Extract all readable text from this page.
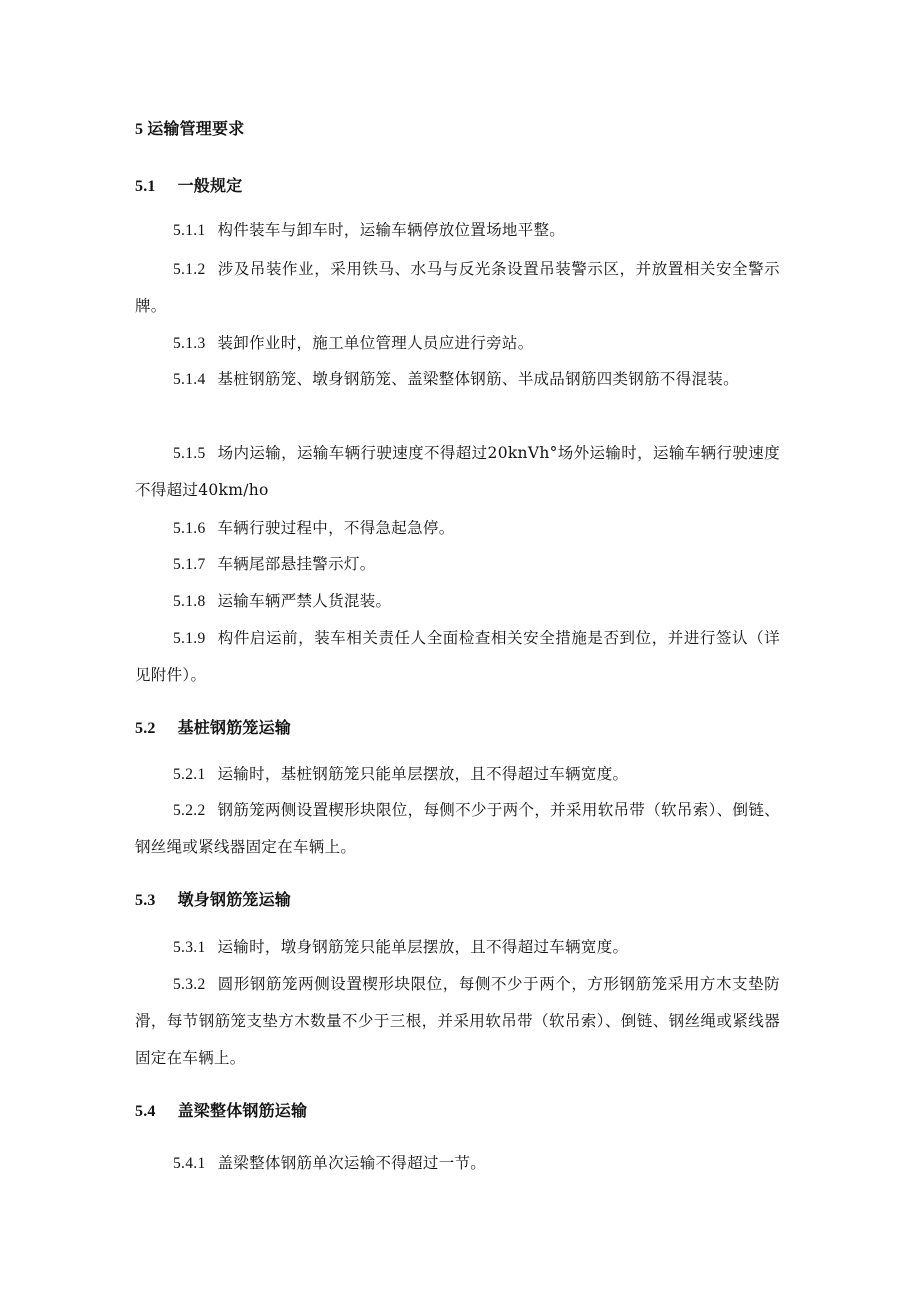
5 运输管理要求
5.1 一般规定
5.1.1 构件装车与卸车时，运输车辆停放位置场地平整。
5.1.2 涉及吊装作业，采用铁马、水马与反光条设置吊装警示区，并放置相关安全警示牌。
5.1.3 装卸作业时，施工单位管理人员应进行旁站。
5.1.4 基桩钢筋笼、墩身钢筋笼、盖梁整体钢筋、半成品钢筋四类钢筋不得混装。
5.1.5 场内运输，运输车辆行驶速度不得超过20knVh°场外运输时，运输车辆行驶速度不得超过40km∕ho
5.1.6 车辆行驶过程中，不得急起急停。
5.1.7 车辆尾部悬挂警示灯。
5.1.8 运输车辆严禁人货混装。
5.1.9 构件启运前，装车相关责任人全面检查相关安全措施是否到位，并进行签认（详见附件）。
5.2 基桩钢筋笼运输
5.2.1 运输时，基桩钢筋笼只能单层摆放，且不得超过车辆宽度。
5.2.2 钢筋笼两侧设置楔形块限位，每侧不少于两个，并采用软吊带（软吊索）、倒链、钢丝绳或紧线器固定在车辆上。
5.3 墩身钢筋笼运输
5.3.1 运输时，墩身钢筋笼只能单层摆放，且不得超过车辆宽度。
5.3.2 圆形钢筋笼两侧设置楔形块限位，每侧不少于两个，方形钢筋笼采用方木支垫防滑，每节钢筋笼支垫方木数量不少于三根，并采用软吊带（软吊索）、倒链、钢丝绳或紧线器固定在车辆上。
5.4 盖梁整体钢筋运输
5.4.1 盖梁整体钢筋单次运输不得超过一节。
